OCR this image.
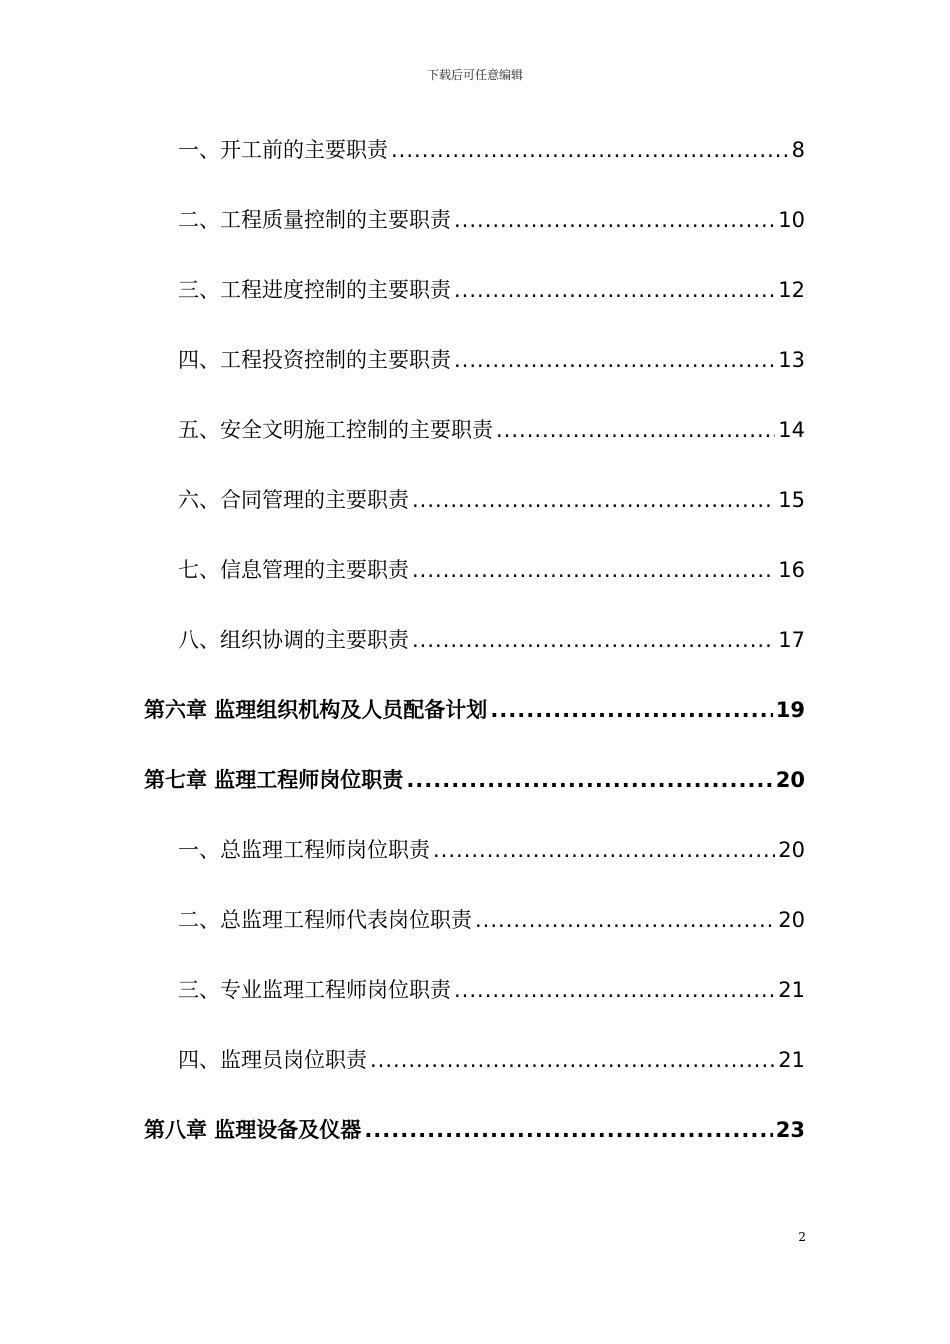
下载后可任意编辑
一、开工前的主要职责 .....	8
二、工程质量控制的主要职责 .....	10
三、工程进度控制的主要职责 .....	12
四、工程投资控制的主要职责 .....	13
五、安全文明施工控制的主要职责 .....	14
六、合同管理的主要职责 .....	15
七、信息管理的主要职责 .....	16
八、组织协调的主要职责 .....	17
第六章 监理组织机构及人员配备计划 .....	19
第七章 监理工程师岗位职责 .....	20
一、总监理工程师岗位职责 .....	20
二、总监理工程师代表岗位职责 .....	20
三、专业监理工程师岗位职责 .....	21
四、监理员岗位职责 .....	21
第八章 监理设备及仪器 .....	23
2
